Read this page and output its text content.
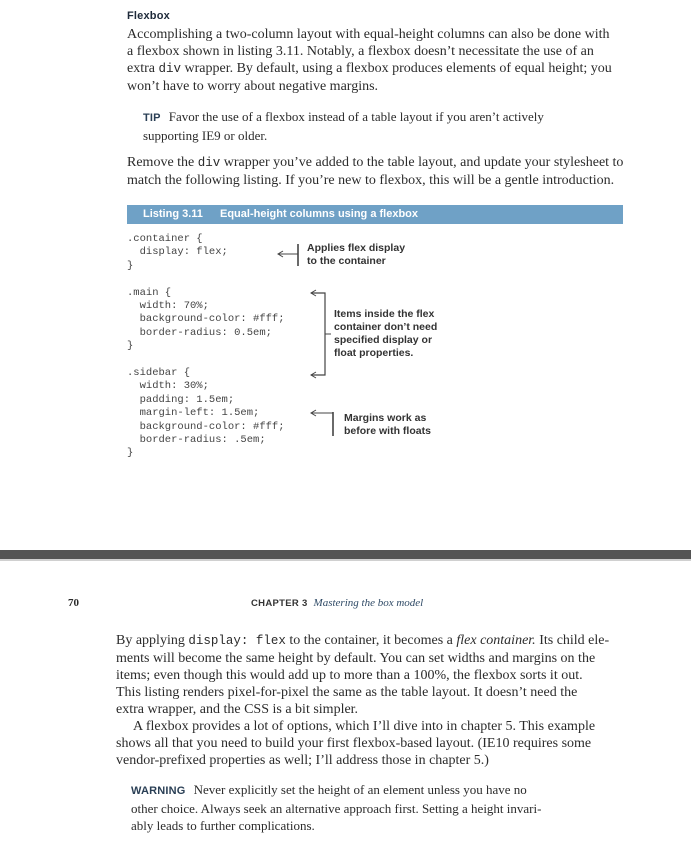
Flexbox
Accomplishing a two-column layout with equal-height columns can also be done with
a flexbox shown in listing 3.11. Notably, a flexbox doesn’t necessitate the use of an
extra div wrapper. By default, using a flexbox produces elements of equal height; you
won’t have to worry about negative margins.
TIP Favor the use of a flexbox instead of a table layout if you aren’t actively
supporting IE9 or older.
Remove the div wrapper you’ve added to the table layout, and update your stylesheet to
match the following listing. If you’re new to flexbox, this will be a gentle introduction.
Listing 3.11 Equal-height columns using a flexbox
.container {
display: flex;
}
.main {
width: 70%;
background-color: #fff;
border-radius: 0.5em;
}
.sidebar {
width: 30%;
padding: 1.5em;
margin-left: 1.5em;
background-color: #fff;
border-radius: .5em;
}
Applies flex display
to the container
Items inside the flex
container don’t need
specified display or
float properties.
Margins work as
before with floats
70	CHAPTER 3 Mastering the box model
By applying display: flex to the container, it becomes a flex container. Its child ele-
ments will become the same height by default. You can set widths and margins on the
items; even though this would add up to more than a 100%, the flexbox sorts it out.
This listing renders pixel-for-pixel the same as the table layout. It doesn’t need the
extra wrapper, and the CSS is a bit simpler.
A flexbox provides a lot of options, which I’ll dive into in chapter 5. This example
shows all that you need to build your first flexbox-based layout. (IE10 requires some
vendor-prefixed properties as well; I’ll address those in chapter 5.)
WARNING Never explicitly set the height of an element unless you have no
other choice. Always seek an alternative approach first. Setting a height invari-
ably leads to further complications.
